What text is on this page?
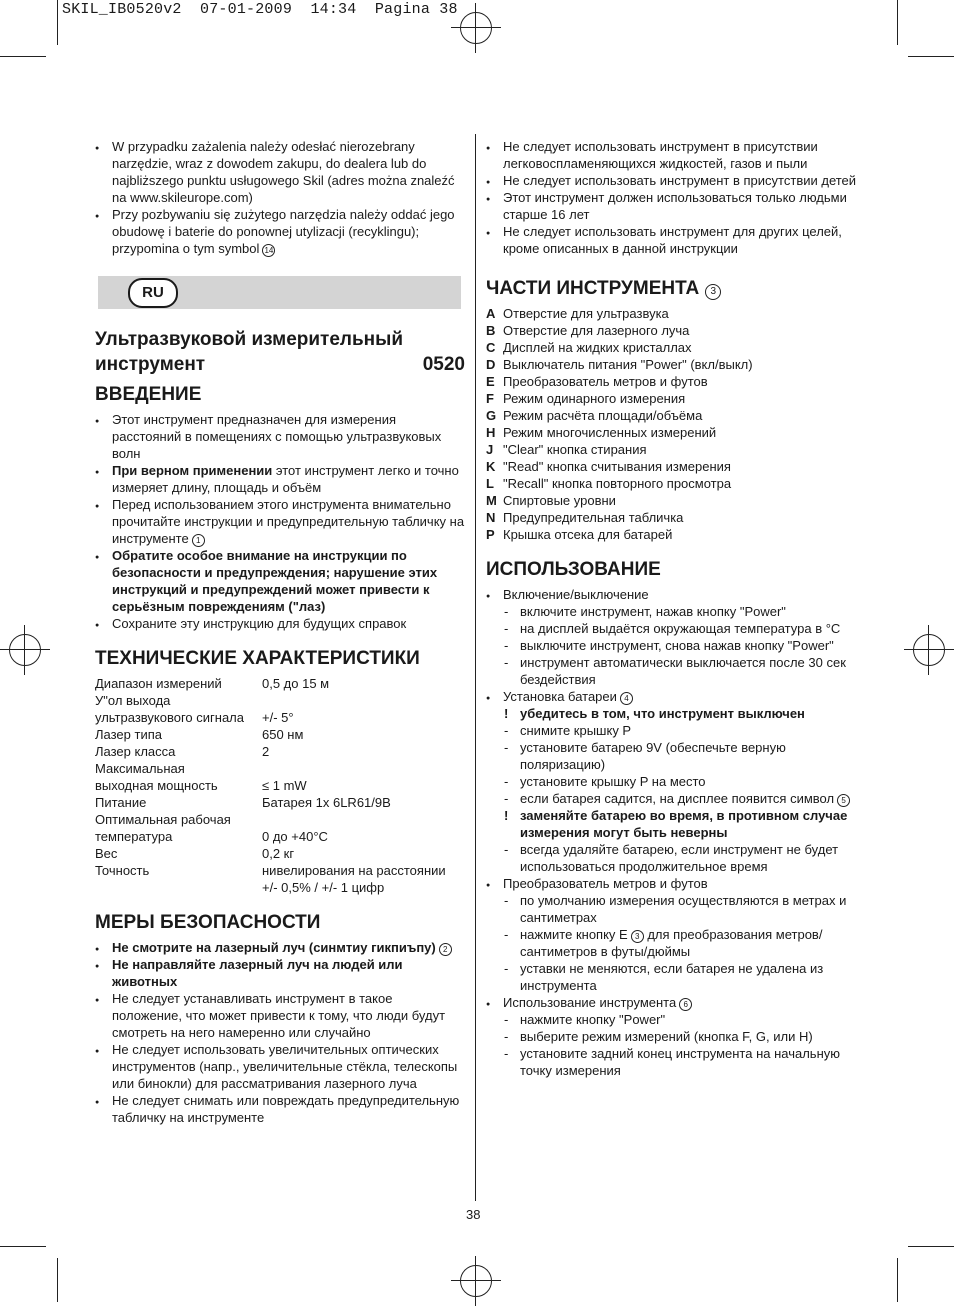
SKIL_IB0520v2  07-01-2009  14:34  Pagina 38
RU
● W przypadku zażalenia należy odesłać nierozebrany narzędzie, wraz z dowodem zakupu, do dealera lub do najbliższego punktu usługowego Skil (adres można znaleźć na www.skileurope.com)
● Przy pozbywaniu się zużytego narzędzia należy oddać jego obudowę i baterie do ponownej utylizacji (recyklingu); przypomina o tym symbol 14
Ультразвуковой измерительный
инструмент	0520
ВВЕДЕНИЕ
● Этот инструмент предназначен для измерения расстояний в помещениях с помощью ультразвуковых волн
● При верном применении этот инструмент легко и точно измеряет длину, площадь и объём
● Перед использованием этого инструмента внимательно прочитайте инструкции и предупредительную табличку на инструменте 1
● Обратите особое внимание на инструкции по безопасности и предупреждения; нарушение этих инструкций и предупреждений может привести к серьёзным повреждениям ("лаз)
● Сохраните эту инструкцию для будущих справок
ТЕХНИЧЕСКИЕ ХАРАКТЕРИСТИКИ
Диапазон измерений	0,5 до 15 м
У"ол выхода

ультразвукового сигнала	+/- 5°
Лазер типа	650 нм
Лазер класса	2
Максимальная

выходная мощность	≤ 1 mW
Питание	Батарея 1x 6LR61/9B
Оптимальная рабочая

температура	0 до +40°C
Вес	0,2 кг
Точность	нивелирования на расстоянии

+/- 0,5% / +/- 1 цифр
МЕРЫ БЕЗОПАСНОСТИ
● Не смотрите на лазерный луч (синмтиу гикпиъпу) 2
● Не направляйте лазерный луч на людей или животных
● Не следует устанавливать инструмент в такое положение, что может привести к тому, что люди будут смотреть на него намеренно или случайно
● Не следует использовать увеличительных оптических инструментов (напр., увеличительные стёкла, телескопы или бинокли) для рассматривания лазерного луча
● Не следует снимать или повреждать предупредительную табличку на инструменте
● Не следует использовать инструмент в присутствии легковоспламеняющихся жидкостей, газов и пыли
● Не следует использовать инструмент в присутствии детей
● Этот инструмент должен использоваться только людьми старше 16 лет
● Не следует использовать инструмент для других целей, кроме описанных в данной инструкции
ЧАСТИ ИНСТРУМЕНТА 3
A Отверстие для ультразвука
B Отверстие для лазерного луча
C Дисплей на жидких кристаллах
D Выключатель питания "Power" (вкл/выкл)
E Преобразователь метров и футов
F Режим одинарного измерения
G Режим расчёта площади/объёма
H Режим многочисленных измерений
J "Clear" кнопка стирания
K "Read" кнопка считывания измерения
L "Recall" кнопка повторного просмотра
M Спиртовые уровни
N Предупредительная табличка
P Крышка отсека для батарей
ИСПОЛЬЗОВАНИЕ
● Включение/выключение
- включите инструмент, нажав кнопку "Power"
- на дисплей выдаётся окружающая температура в °C
- выключите инструмент, снова нажав кнопку "Power"
- инструмент автоматически выключается после 30 сек бездействия
● Установка батареи 4
! убедитесь в том, что инструмент выключен
- снимите крышку P
- установите батарею 9V (обеспечьте верную поляризацию)
- установите крышку P на место
- если батарея садится, на дисплее появится символ 5
! заменяйте батарею во время, в противном случае измерения могут быть неверны
- всегда удаляйте батарею, если инструмент не будет использоваться продолжительное время
● Преобразователь метров и футов
- по умолчанию измерения осуществляются в метрах и сантиметрах
- нажмите кнопку E 3 для преобразования метров/сантиметров в футы/дюймы
- уставки не меняются, если батарея не удалена из инструмента
● Использование инструмента 6
- нажмите кнопку "Power"
- выберите режим измерений (кнопка F, G, или H)
- установите задний конец инструмента на начальную точку измерения
38
